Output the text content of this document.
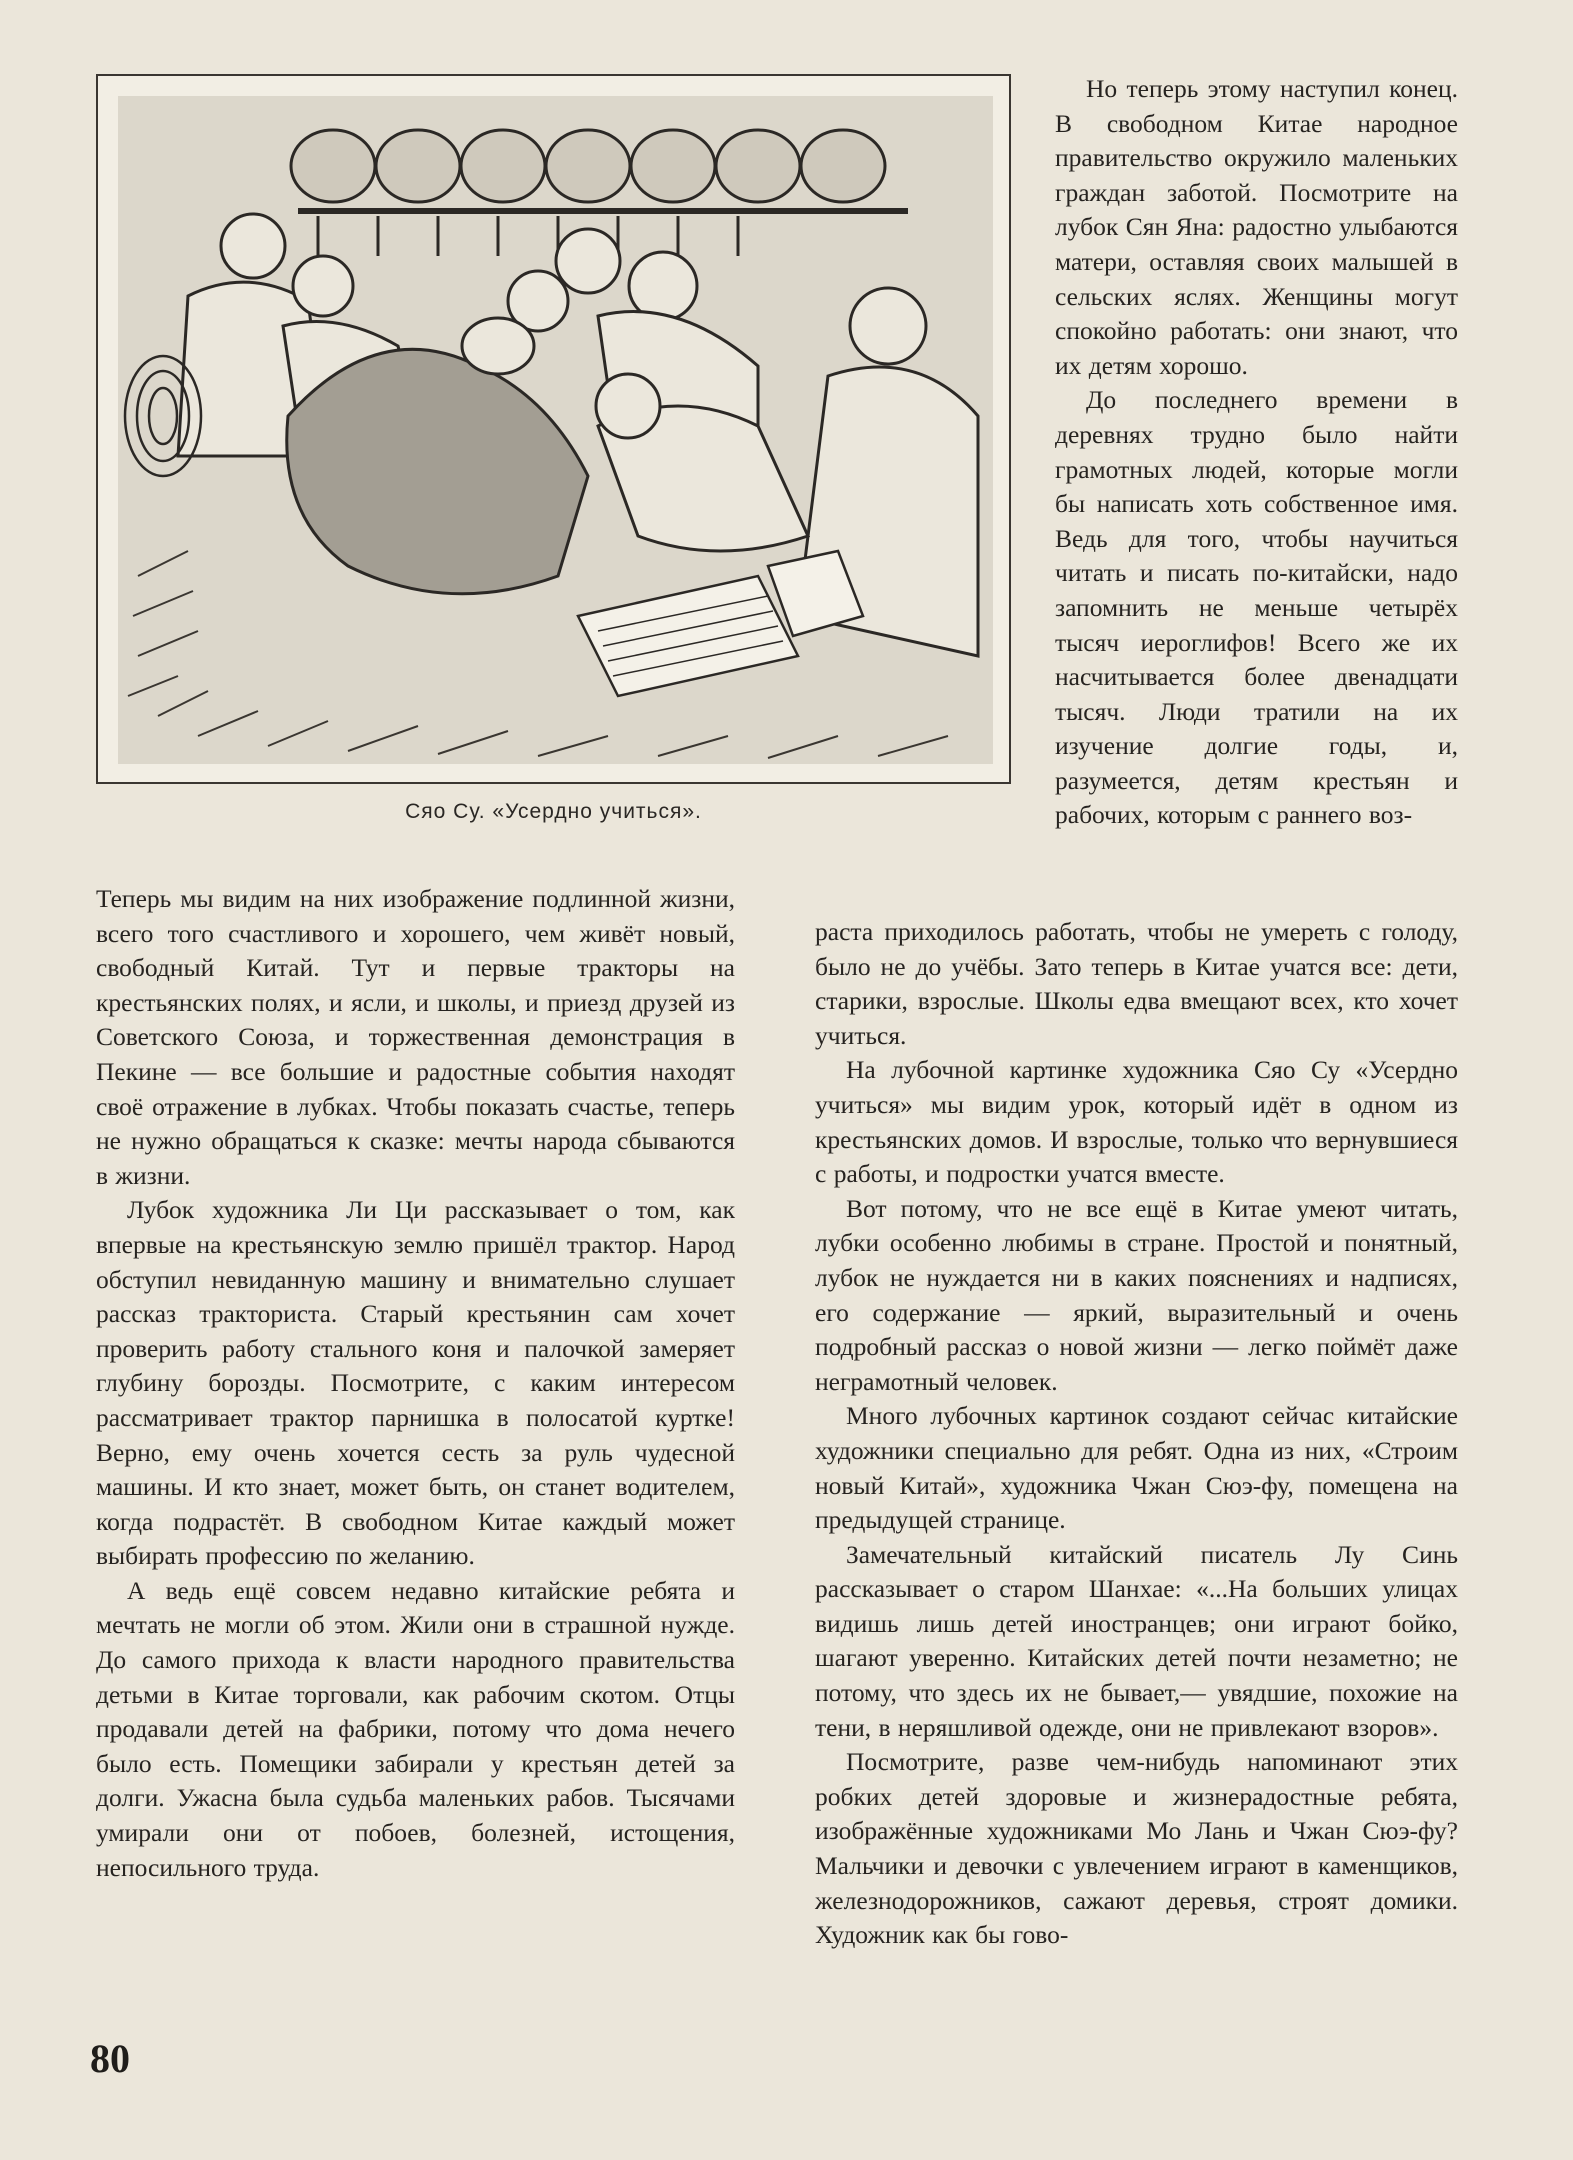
Сяо Су. «Усердно учиться».

Но теперь этому наступил конец. В свободном Китае народное правительство окружило маленьких граждан заботой. Посмотрите на лубок Сян Яна: радостно улыбаются матери, оставляя своих малышей в сельских яслях. Женщины могут спокойно работать: они знают, что их детям хорошо.

До последнего времени в деревнях трудно было найти грамотных людей, которые могли бы написать хоть собственное имя. Ведь для того, чтобы научиться читать и писать по-китайски, надо запомнить не меньше четырёх тысяч иероглифов! Всего же их насчитывается более двенадцати тысяч. Люди тратили на их изучение долгие годы, и, разумеется, детям крестьян и рабочих, которым с раннего воз-

Теперь мы видим на них изображение подлинной жизни, всего того счастливого и хорошего, чем живёт новый, свободный Китай. Тут и первые тракторы на крестьянских полях, и ясли, и школы, и приезд друзей из Советского Союза, и торжественная демонстрация в Пекине — все большие и радостные события находят своё отражение в лубках. Чтобы показать счастье, теперь не нужно обращаться к сказке: мечты народа сбываются в жизни.

Лубок художника Ли Ци рассказывает о том, как впервые на крестьянскую землю пришёл трактор. Народ обступил невиданную машину и внимательно слушает рассказ тракториста. Старый крестьянин сам хочет проверить работу стального коня и палочкой замеряет глубину борозды. Посмотрите, с каким интересом рассматривает трактор парнишка в полосатой куртке! Верно, ему очень хочется сесть за руль чудесной машины. И кто знает, может быть, он станет водителем, когда подрастёт. В свободном Китае каждый может выбирать профессию по желанию.

А ведь ещё совсем недавно китайские ребята и мечтать не могли об этом. Жили они в страшной нужде. До самого прихода к власти народного правительства детьми в Китае торговали, как рабочим скотом. Отцы продавали детей на фабрики, потому что дома нечего было есть. Помещики забирали у крестьян детей за долги. Ужасна была судьба маленьких рабов. Тысячами умирали они от побоев, болезней, истощения, непосильного труда.

раста приходилось работать, чтобы не умереть с голоду, было не до учёбы. Зато теперь в Китае учатся все: дети, старики, взрослые. Школы едва вмещают всех, кто хочет учиться.

На лубочной картинке художника Сяо Су «Усердно учиться» мы видим урок, который идёт в одном из крестьянских домов. И взрослые, только что вернувшиеся с работы, и подростки учатся вместе.

Вот потому, что не все ещё в Китае умеют читать, лубки особенно любимы в стране. Простой и понятный, лубок не нуждается ни в каких пояснениях и надписях, его содержание — яркий, выразительный и очень подробный рассказ о новой жизни — легко поймёт даже неграмотный человек.

Много лубочных картинок создают сейчас китайские художники специально для ребят. Одна из них, «Строим новый Китай», художника Чжан Сюэ-фу, помещена на предыдущей странице.

Замечательный китайский писатель Лу Синь рассказывает о старом Шанхае: «...На больших улицах видишь лишь детей иностранцев; они играют бойко, шагают уверенно. Китайских детей почти незаметно; не потому, что здесь их не бывает,— увядшие, похожие на тени, в неряшливой одежде, они не привлекают взоров».

Посмотрите, разве чем-нибудь напоминают этих робких детей здоровые и жизнерадостные ребята, изображённые художниками Мо Лань и Чжан Сюэ-фу? Мальчики и девочки с увлечением играют в каменщиков, железнодорожников, сажают деревья, строят домики. Художник как бы гово-

80
